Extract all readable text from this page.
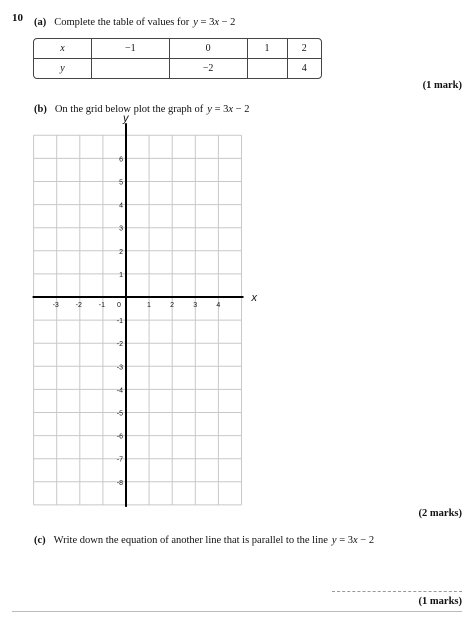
10 (a) Complete the table of values for y = 3x − 2
x	−1	0	1	2
y		−2		4
(1 mark)
(b) On the grid below plot the graph of y = 3x − 2
x
y
-3 -2 -1 0	1	2	3	4
6
5
4
3
2
1
-1
-2
-3
-4
-5
-6
-7
-8
(2 marks)
(c) Write down the equation of another line that is parallel to the line y = 3x − 2
(1 marks)
